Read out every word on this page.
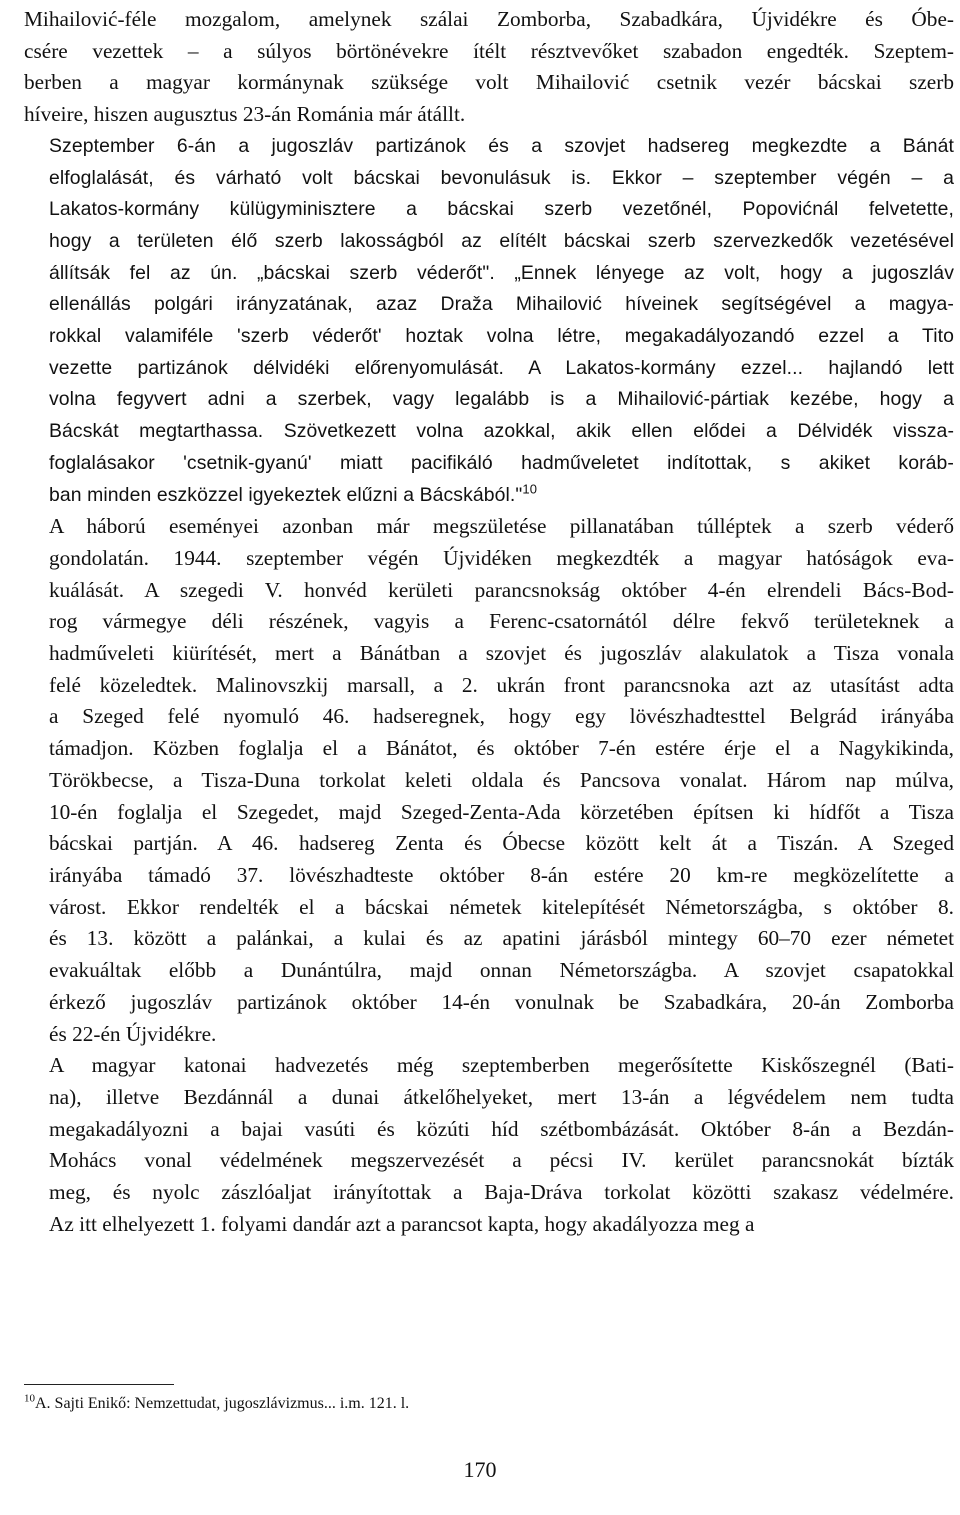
Mihailović-féle mozgalom, amelynek szálai Zomborba, Szabadkára, Újvidékre és Óbe-
csére vezettek – a súlyos börtönévekre ítélt résztvevőket szabadon engedték. Szeptem-
berben a magyar kormánynak szüksége volt Mihailović csetnik vezér bácskai szerb
híveire, hiszen augusztus 23-án Románia már átállt.
Szeptember 6-án a jugoszláv partizánok és a szovjet hadsereg megkezdte a Bánát
elfoglalását, és várható volt bácskai bevonulásuk is. Ekkor – szeptember végén – a
Lakatos-kormány külügyminisztere a bácskai szerb vezetőnél, Popovićnál felvetette,
hogy a területen élő szerb lakosságból az elítélt bácskai szerb szervezkedők vezetésével
állítsák fel az ún. „bácskai szerb véderőt". „Ennek lényege az volt, hogy a jugoszláv
ellenállás polgári irányzatának, azaz Draža Mihailović híveinek segítségével a magya-
rokkal valamiféle 'szerb véderőt' hoztak volna létre, megakadályozandó ezzel a Tito
vezette partizánok délvidéki előrenyomulását. A Lakatos-kormány ezzel... hajlandó lett
volna fegyvert adni a szerbek, vagy legalább is a Mihailović-pártiak kezébe, hogy a
Bácskát megtarthassa. Szövetkezett volna azokkal, akik ellen elődei a Délvidék vissza-
foglalásakor 'csetnik-gyanú' miatt pacifikáló hadműveletet indítottak, s akiket koráb-
ban minden eszközzel igyekeztek elűzni a Bácskából."$^{10}$
A háború eseményei azonban már megszületése pillanatában túlléptek a szerb véderő
gondolatán. 1944. szeptember végén Újvidéken megkezdték a magyar hatóságok eva-
kuálását. A szegedi V. honvéd kerületi parancsnokság október 4-én elrendeli Bács-Bod-
rog vármegye déli részének, vagyis a Ferenc-csatornától délre fekvő területeknek a
hadműveleti kiürítését, mert a Bánátban a szovjet és jugoszláv alakulatok a Tisza vonala
felé közeledtek. Malinovszkij marsall, a 2. ukrán front parancsnoka azt az utasítást adta
a Szeged felé nyomuló 46. hadseregnek, hogy egy lövészhadtesttel Belgrád irányába
támadjon. Közben foglalja el a Bánátot, és október 7-én estére érje el a Nagykikinda,
Törökbecse, a Tisza-Duna torkolat keleti oldala és Pancsova vonalat. Három nap múlva,
10-én foglalja el Szegedet, majd Szeged-Zenta-Ada körzetében építsen ki hídfőt a Tisza
bácskai partján. A 46. hadsereg Zenta és Óbecse között kelt át a Tiszán. A Szeged
irányába támadó 37. lövészhadteste október 8-án estére 20 km-re megközelítette a
várost. Ekkor rendelték el a bácskai németek kitelepítését Németországba, s október 8.
és 13. között a palánkai, a kulai és az apatini járásból mintegy 60–70 ezer németet
evakuáltak előbb a Dunántúlra, majd onnan Németországba. A szovjet csapatokkal
érkező jugoszláv partizánok október 14-én vonulnak be Szabadkára, 20-án Zomborba
és 22-én Újvidékre.
A magyar katonai hadvezetés még szeptemberben megerősítette Kiskőszegnél (Bati-
na), illetve Bezdánnál a dunai átkelőhelyeket, mert 13-án a légvédelem nem tudta
megakadályozni a bajai vasúti és közúti híd szétbombázását. Október 8-án a Bezdán-
Mohács vonal védelmének megszervezését a pécsi IV. kerület parancsnokát bízták
meg, és nyolc zászlóaljat irányítottak a Baja-Dráva torkolat közötti szakasz védelmére.
Az itt elhelyezett 1. folyami dandár azt a parancsot kapta, hogy akadályozza meg a

$^{10}$A. Sajti Enikő: Nemzettudat, jugoszlávizmus... i.m. 121. l.

170
